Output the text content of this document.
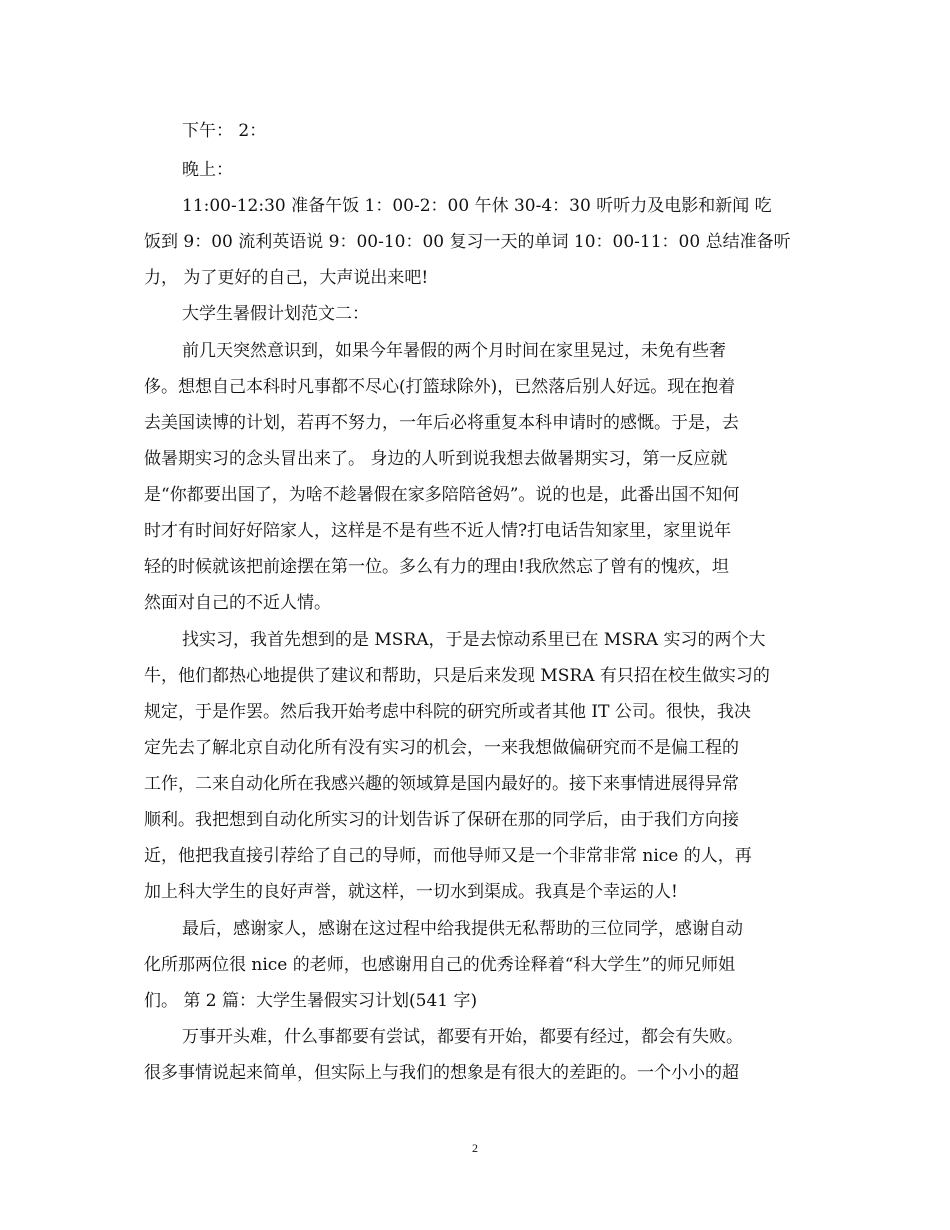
下午： 2：
晚上：
11:00-12:30 准备午饭 1：00-2：00 午休 30-4：30 听听力及电影和新闻 吃
饭到 9：00 流利英语说 9：00-10：00 复习一天的单词 10：00-11：00 总结准备听
力， 为了更好的自己，大声说出来吧!
大学生暑假计划范文二：
前几天突然意识到，如果今年暑假的两个月时间在家里晃过，未免有些奢
侈。想想自己本科时凡事都不尽心(打篮球除外)，已然落后别人好远。现在抱着
去美国读博的计划，若再不努力，一年后必将重复本科申请时的感慨。于是，去
做暑期实习的念头冒出来了。 身边的人听到说我想去做暑期实习，第一反应就
是“你都要出国了，为啥不趁暑假在家多陪陪爸妈”。说的也是，此番出国不知何
时才有时间好好陪家人，这样是不是有些不近人情?打电话告知家里，家里说年
轻的时候就该把前途摆在第一位。多么有力的理由!我欣然忘了曾有的愧疚，坦
然面对自己的不近人情。
找实习，我首先想到的是 MSRA，于是去惊动系里已在 MSRA 实习的两个大
牛，他们都热心地提供了建议和帮助，只是后来发现 MSRA 有只招在校生做实习的
规定，于是作罢。然后我开始考虑中科院的研究所或者其他 IT 公司。很快，我决
定先去了解北京自动化所有没有实习的机会，一来我想做偏研究而不是偏工程的
工作，二来自动化所在我感兴趣的领域算是国内最好的。接下来事情进展得异常
顺利。我把想到自动化所实习的计划告诉了保研在那的同学后，由于我们方向接
近，他把我直接引荐给了自己的导师，而他导师又是一个非常非常 nice 的人，再
加上科大学生的良好声誉，就这样，一切水到渠成。我真是个幸运的人!
最后，感谢家人，感谢在这过程中给我提供无私帮助的三位同学，感谢自动
化所那两位很 nice 的老师，也感谢用自己的优秀诠释着“科大学生”的师兄师姐
们。 第 2 篇：大学生暑假实习计划(541 字)
万事开头难，什么事都要有尝试，都要有开始，都要有经过，都会有失败。
很多事情说起来简单，但实际上与我们的想象是有很大的差距的。一个小小的超
2
